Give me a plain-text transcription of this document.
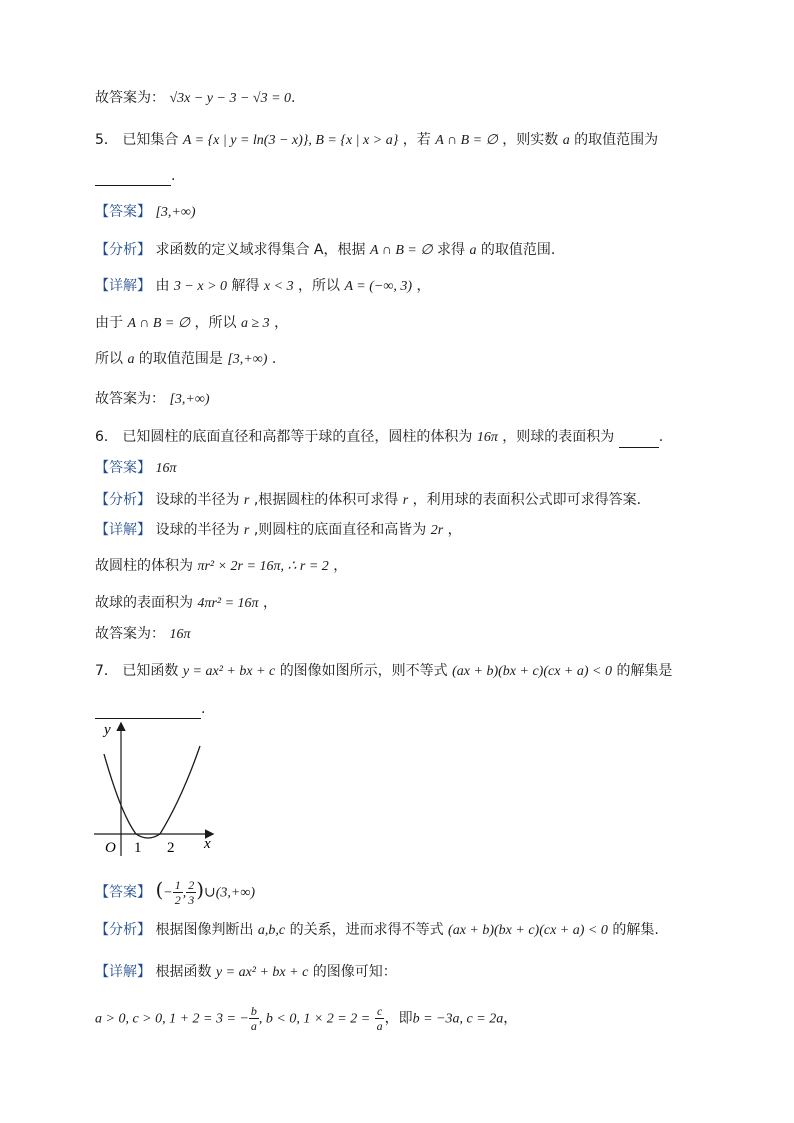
故答案为： √3x − y − 3 − √3 = 0.
5． 已知集合 A = {x | y = ln(3 − x)}, B = {x | x > a} ，若 A ∩ B = ∅ ，则实数 a 的取值范围为
.
【答案】 [3,+∞)
【分析】 求函数的定义域求得集合 A，根据 A ∩ B = ∅ 求得 a 的取值范围.
【详解】 由 3 − x > 0 解得 x < 3 ，所以 A = (−∞, 3) ，
由于 A ∩ B = ∅ ，所以 a ≥ 3 ，
所以 a 的取值范围是 [3,+∞) .
故答案为： [3,+∞)
6． 已知圆柱的底面直径和高都等于球的直径，圆柱的体积为 16π ，则球的表面积为	.
【答案】 16π
【分析】 设球的半径为 r ,根据圆柱的体积可求得 r ，利用球的表面积公式即可求得答案.
【详解】 设球的半径为 r ,则圆柱的底面直径和高皆为 2r ，
故圆柱的体积为 πr² × 2r = 16π, ∴ r = 2 ，
故球的表面积为 4πr² = 16π ，
故答案为： 16π
7． 已知函数 y = ax² + bx + c 的图像如图所示，则不等式 (ax + b)(bx + c)(cx + a) < 0 的解集是
.
y
x
O 1 2
【答案】 (− $\frac{1}{2}$ , $\frac{2}{3}$ )∪(3,+∞)
【分析】 根据图像判断出 a,b,c 的关系，进而求得不等式 (ax + b)(bx + c)(cx + a) < 0 的解集.
【详解】 根据函数 y = ax² + bx + c 的图像可知：
a > 0, c > 0, 1 + 2 = 3 = − $\frac{b}{a}$ , b < 0, $1 \times 2 = 2 = \frac{c}{a}$ ，即b = −3a, c = 2a，
